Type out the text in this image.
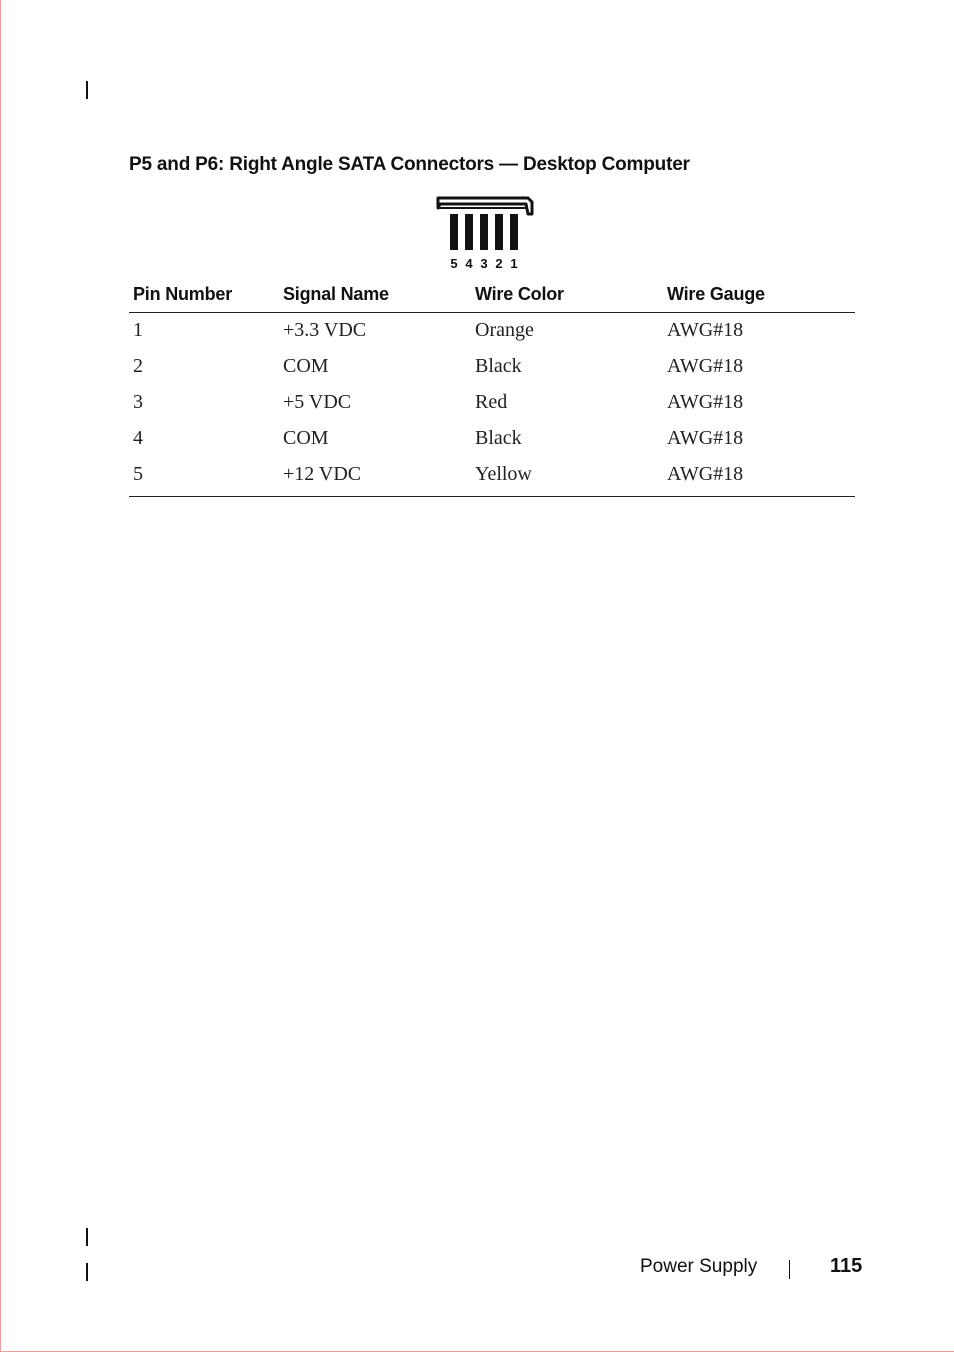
P5 and P6: Right Angle SATA Connectors — Desktop Computer
5 4 3 2 1
Pin Number	Signal Name	Wire Color	Wire Gauge
1	+3.3 VDC	Orange	AWG#18
2	COM	Black	AWG#18
3	+5 VDC	Red	AWG#18
4	COM	Black	AWG#18
5	+12 VDC	Yellow	AWG#18
Power Supply	115
